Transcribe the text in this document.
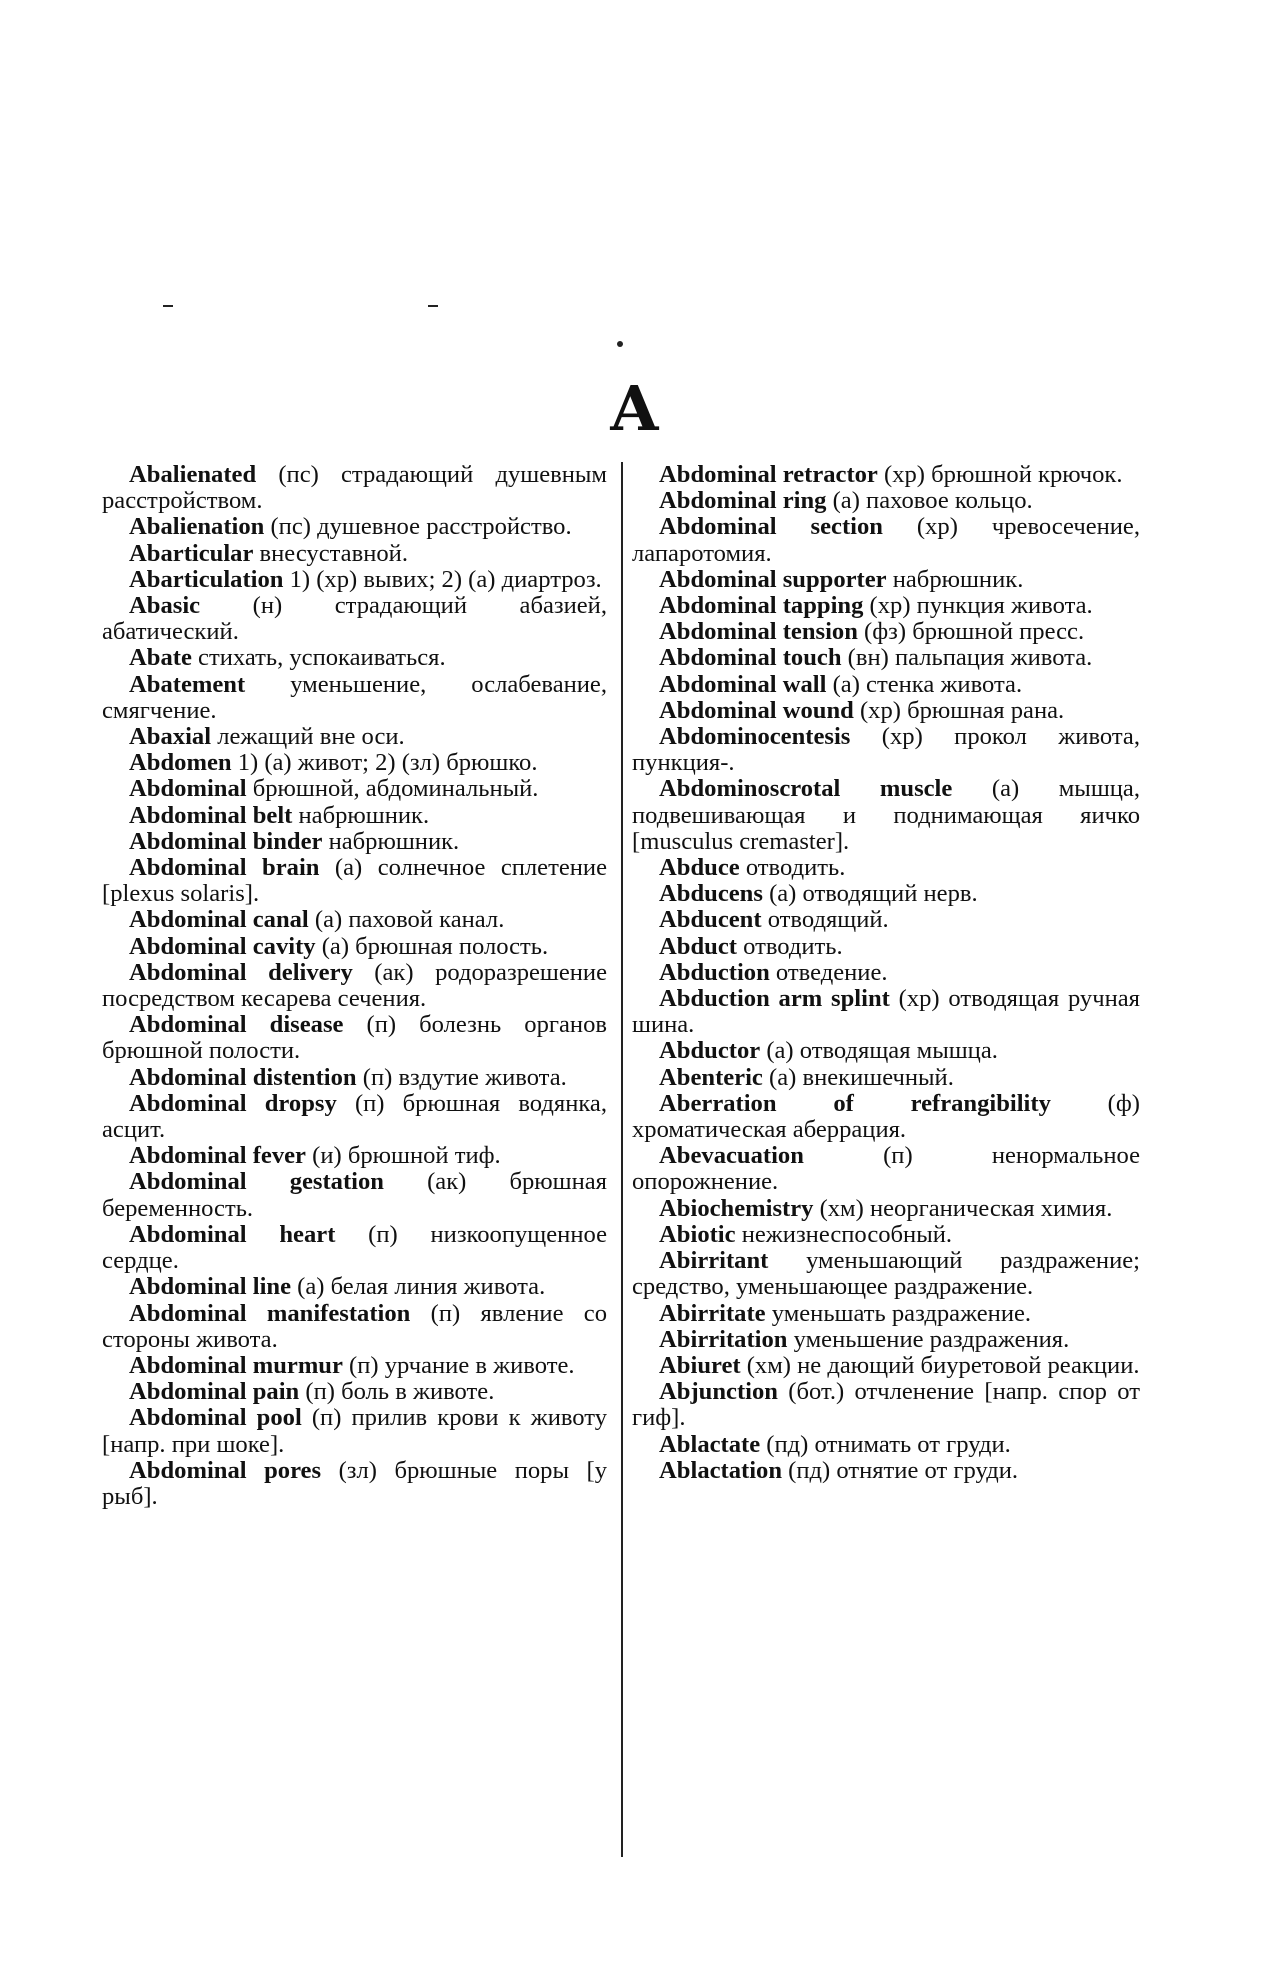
А

Abalienated (пс) страдающий душевным расстройством.

Abalienation (пс) душевное расстройство.

Abarticular внесуставной.

Abarticulation 1) (хр) вывих; 2) (а) диартроз.

Abasic (н) страдающий абазией, абатический.

Abate стихать, успокаиваться.

Abatement уменьшение, ослабевание, смягчение.

Abaxial лежащий вне оси.

Abdomen 1) (а) живот; 2) (зл) брюшко.

Abdominal брюшной, абдоминальный.

Abdominal belt набрюшник.

Abdominal binder набрюшник.

Abdominal brain (а) солнечное сплетение [plexus solaris].

Abdominal canal (а) паховой канал.

Abdominal cavity (а) брюшная полость.

Abdominal delivery (ак) родоразрешение посредством кесарева сечения.

Abdominal disease (п) болезнь органов брюшной полости.

Abdominal distention (п) вздутие живота.

Abdominal dropsy (п) брюшная водянка, асцит.

Abdominal fever (и) брюшной тиф.

Abdominal gestation (ак) брюшная беременность.

Abdominal heart (п) низкоопущенное сердце.

Abdominal line (а) белая линия живота.

Abdominal manifestation (п) явление со стороны живота.

Abdominal murmur (п) урчание в животе.

Abdominal pain (п) боль в животе.

Abdominal pool (п) прилив крови к животу [напр. при шоке].

Abdominal pores (зл) брюшные поры [у рыб].

Abdominal retractor (хр) брюшной крючок.

Abdominal ring (а) паховое кольцо.

Abdominal section (хр) чревосечение, лапаротомия.

Abdominal supporter набрюшник.

Abdominal tapping (хр) пункция живота.

Abdominal tension (фз) брюшной пресс.

Abdominal touch (вн) пальпация живота.

Abdominal wall (а) стенка живота.

Abdominal wound (хр) брюшная рана.

Abdominocentesis (хр) прокол живота, пункция-.

Abdominoscrotal muscle (а) мышца, подвешивающая и поднимающая яичко [musculus cremaster].

Abduce отводить.

Abducens (а) отводящий нерв.

Abducent отводящий.

Abduct отводить.

Abduction отведение.

Abduction arm splint (хр) отводящая ручная шина.

Abductor (а) отводящая мышца.

Abenteric (а) внекишечный.

Aberration of refrangibility (ф) хроматическая аберрация.

Abevacuation (п) ненормальное опорожнение.

Abiochemistry (хм) неорганическая химия.

Abiotic нежизнеспособный.

Abirritant уменьшающий раздражение; средство, уменьшающее раздражение.

Abirritate уменьшать раздражение.

Abirritation уменьшение раздражения.

Abiuret (хм) не дающий биуретовой реакции.

Abjunction (бот.) отчленение [напр. спор от гиф].

Ablactate (пд) отнимать от груди.

Ablactation (пд) отнятие от груди.
